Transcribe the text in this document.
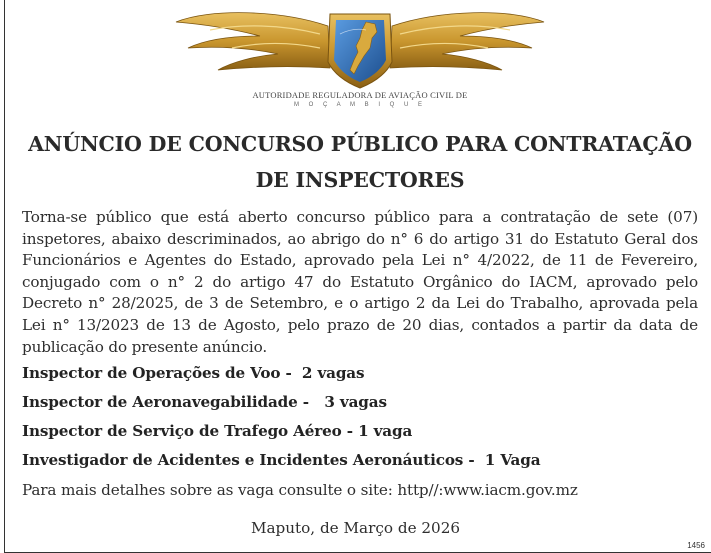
AUTORIDADE REGULADORA DE AVIAÇÃO CIVIL DE
M O Ç A M B I Q U E
ANÚNCIO DE CONCURSO PÚBLICO PARA CONTRATAÇÃO
DE INSPECTORES

Torna-se público que está aberto concurso público para a contratação de sete (07) inspetores, abaixo descriminados, ao abrigo do n° 6 do artigo 31 do Estatuto Geral dos Funcionários e Agentes do Estado, aprovado pela Lei n° 4/2022, de 11 de Fevereiro, conjugado com o n° 2 do artigo 47 do Estatuto Orgânico do IACM, aprovado pelo Decreto n° 28/2025, de 3 de Setembro, e o artigo 2 da Lei do Trabalho, aprovada pela Lei n° 13/2023 de 13 de Agosto, pelo prazo de 20 dias, contados a partir da data de publicação do presente anúncio.

Inspector de Operações de Voo -  2 vagas

Inspector de Aeronavegabilidade -   3 vagas

Inspector de Serviço de Trafego Aéreo - 1 vaga

Investigador de Acidentes e Incidentes Aeronáuticos -  1 Vaga

Para mais detalhes sobre as vaga consulte o site: http//:www.iacm.gov.mz

Maputo, de Março de 2026
1456
